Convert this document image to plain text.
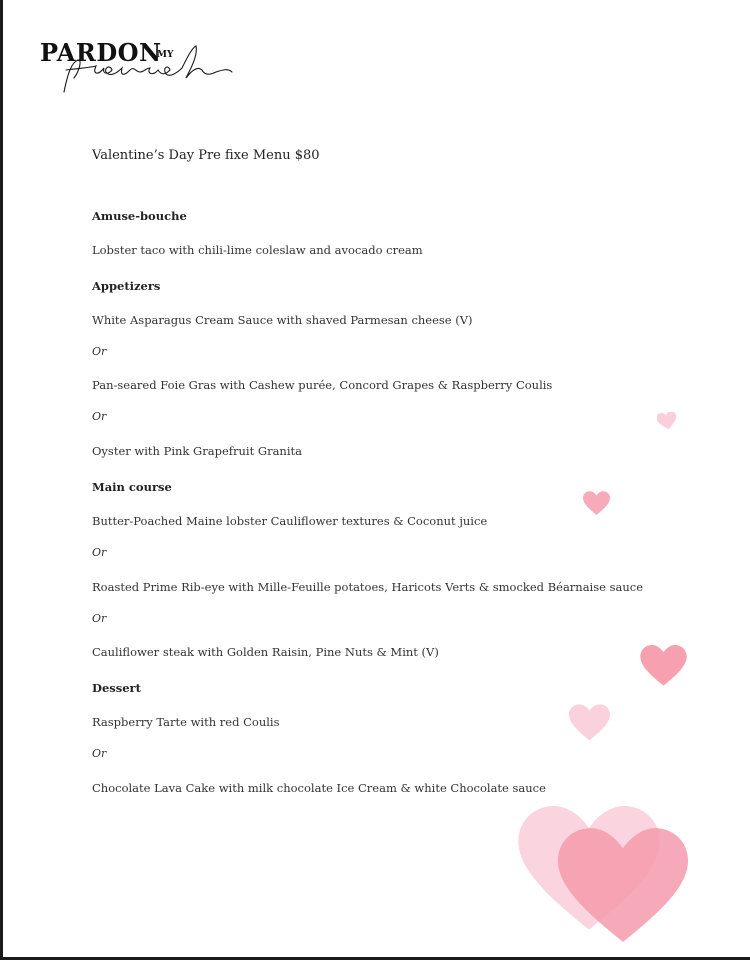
PARDON
MY
Valentine’s Day Pre fixe Menu $80
Amuse-bouche
Lobster taco with chili-lime coleslaw and avocado cream
Appetizers
White Asparagus Cream Sauce with shaved Parmesan cheese (V)
Or
Pan-seared Foie Gras with Cashew purée, Concord Grapes & Raspberry Coulis
Or
Oyster with Pink Grapefruit Granita
Main course
Butter-Poached Maine lobster Cauliflower textures & Coconut juice
Or
Roasted Prime Rib-eye with Mille-Feuille potatoes, Haricots Verts & smocked Béarnaise sauce
Or
Cauliflower steak with Golden Raisin, Pine Nuts & Mint (V)
Dessert
Raspberry Tarte with red Coulis
Or
Chocolate Lava Cake with milk chocolate Ice Cream & white Chocolate sauce
